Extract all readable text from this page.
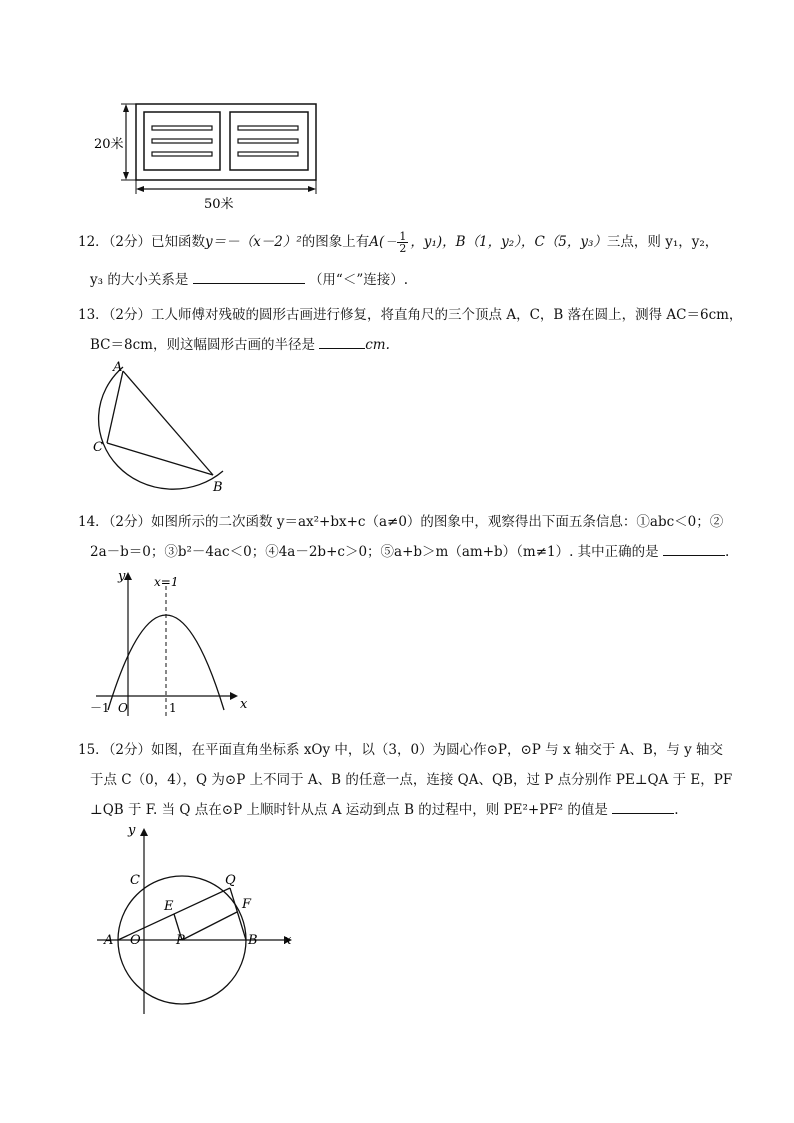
20米
50米
12．（2分）已知函数y＝－（x－2）²的图象上有$A( - \frac{1}{2}$ ，y₁)，B（1，y₂），C（5，y₃）三点，则 y₁，y₂，
y₃ 的大小关系是	（用“＜”连接）.
13．（2分）工人师傅对残破的圆形古画进行修复，将直角尺的三个顶点 A，C，B 落在圆上，测得 AC＝6cm，
BC＝8cm，则这幅圆形古画的半径是	cm.
A
C
B
14．（2分）如图所示的二次函数 y＝ax²+bx+c（a≠0）的图象中，观察得出下面五条信息：①abc＜0；②
2a－b＝0；③b²－4ac＜0；④4a－2b+c＞0；⑤a+b＞m（am+b）（m≠1）. 其中正确的是	.
y
x
x=1
－1 O	1
15．（2分）如图，在平面直角坐标系 xOy 中，以（3，0）为圆心作⊙P，⊙P 与 x 轴交于 A、B，与 y 轴交
于点 C（0，4），Q 为⊙P 上不同于 A、B 的任意一点，连接 QA、QB，过 P 点分别作 PE⊥QA 于 E，PF
⊥QB 于 F. 当 Q 点在⊙P 上顺时针从点 A 运动到点 B 的过程中，则 PE²+PF² 的值是	.
y
x
C	Q
E	F
A O	P	B
